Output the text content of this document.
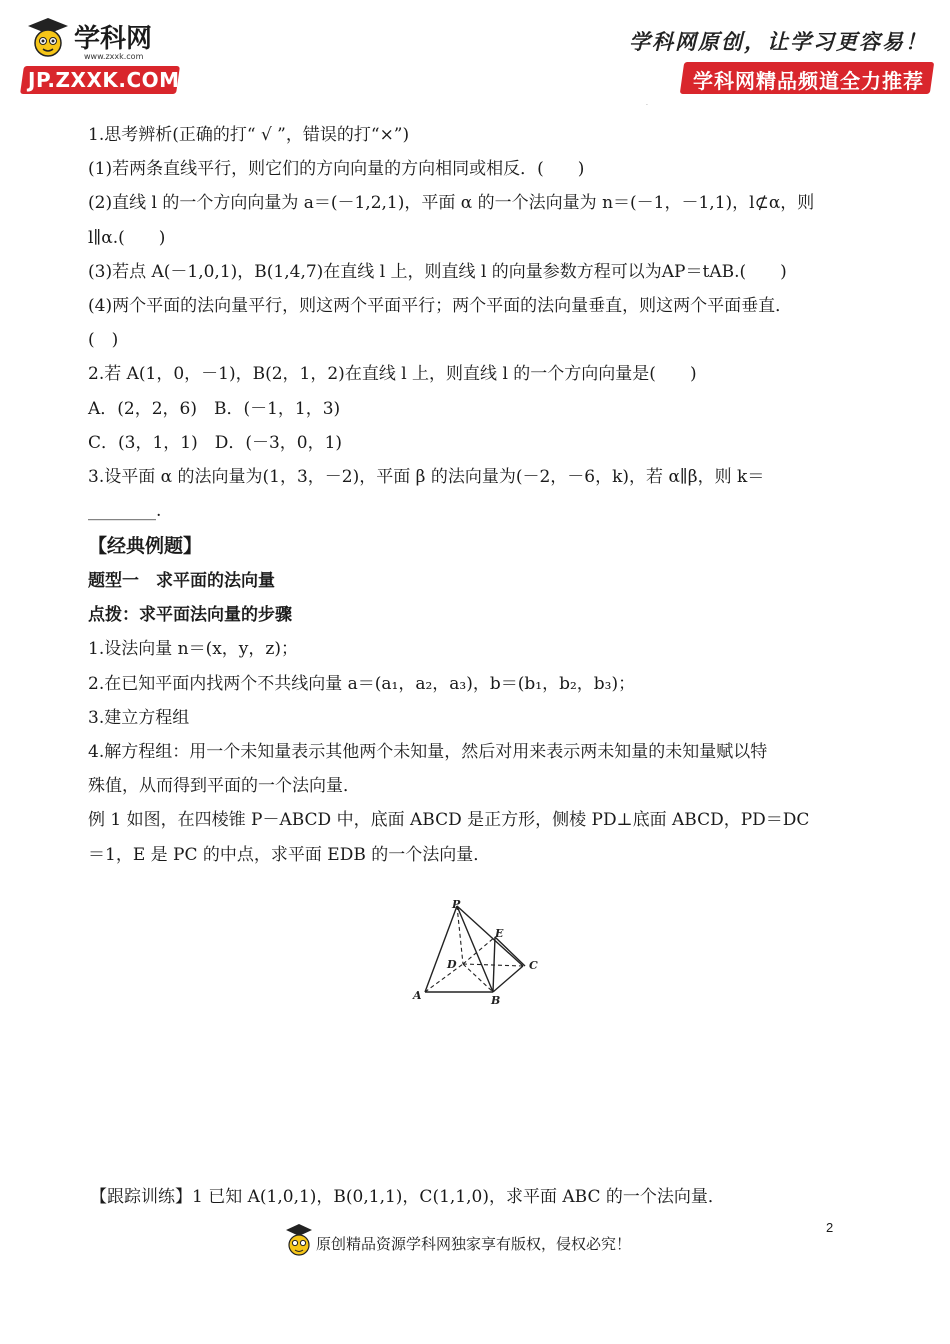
学科网
www.zxxk.com
JP.ZXXK.COM
学科网原创，让学习更容易！
学科网精品频道全力推荐
.
1.思考辨析(正确的打“ √ ”，错误的打“×”)
(1)若两条直线平行，则它们的方向向量的方向相同或相反．(　　)
(2)直线 l 的一个方向向量为 a＝(－1,2,1)，平面 α 的一个法向量为 n＝(－1，－1,1)，l⊄α，则
l∥α.(　　)
(3)若点 A(－1,0,1)，B(1,4,7)在直线 l 上，则直线 l 的向量参数方程可以为AP＝tAB.(　　)
(4)两个平面的法向量平行，则这两个平面平行；两个平面的法向量垂直，则这两个平面垂直．
(　)
2.若 A(1，0，－1)，B(2，1，2)在直线 l 上，则直线 l 的一个方向向量是(　　)
A．(2，2，6)　B．(－1，1，3)
C．(3，1，1)　D．(－3，0，1)
3.设平面 α 的法向量为(1，3，－2)，平面 β 的法向量为(－2，－6，k)，若 α∥β，则 k＝
________.
【经典例题】
题型一　求平面的法向量
点拨：求平面法向量的步骤
1.设法向量 n＝(x，y，z)；
2.在已知平面内找两个不共线向量 a＝(a₁，a₂，a₃)，b＝(b₁，b₂，b₃)；
3.建立方程组
4.解方程组：用一个未知量表示其他两个未知量，然后对用来表示两未知量的未知量赋以特
殊值，从而得到平面的一个法向量．
例 1 如图，在四棱锥 P－ABCD 中，底面 ABCD 是正方形，侧棱 PD⊥底面 ABCD，PD＝DC
＝1，E 是 PC 的中点，求平面 EDB 的一个法向量．
P
E
D	C
A	B
【跟踪训练】1 已知 A(1,0,1)，B(0,1,1)，C(1,1,0)，求平面 ABC 的一个法向量．
2
原创精品资源学科网独家享有版权，侵权必究！
